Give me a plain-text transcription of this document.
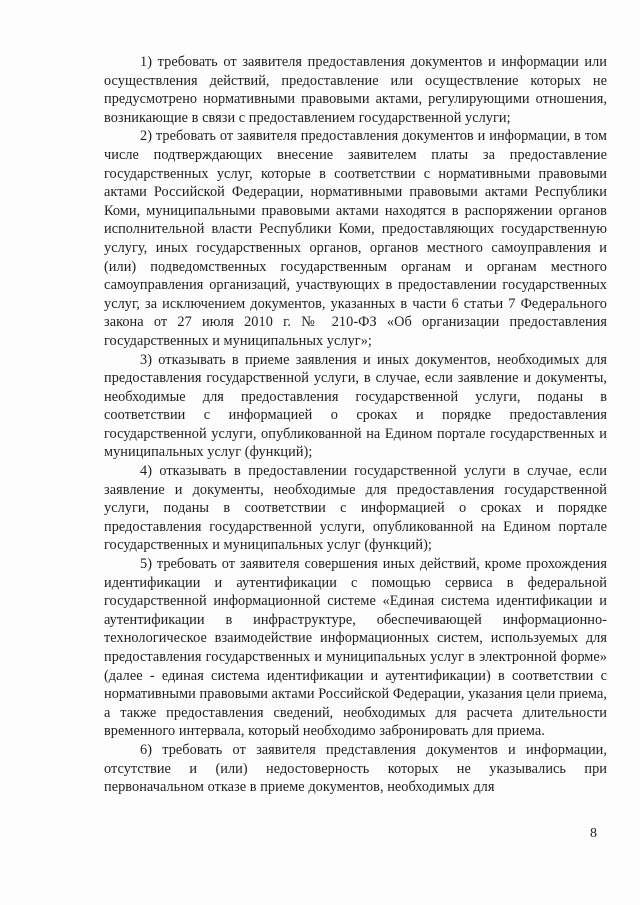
1) требовать от заявителя предоставления документов и информации или осуществления действий, предоставление или осуществление которых не предусмотрено нормативными правовыми актами, регулирующими отношения, возникающие в связи с предоставлением государственной услуги;

2) требовать от заявителя предоставления документов и информации, в том числе подтверждающих внесение заявителем платы за предоставление государственных услуг, которые в соответствии с нормативными правовыми актами Российской Федерации, нормативными правовыми актами Республики Коми, муниципальными правовыми актами находятся в распоряжении органов исполнительной власти Республики Коми, предоставляющих государственную услугу, иных государственных органов, органов местного самоуправления и (или) подведомственных государственным органам и органам местного самоуправления организаций, участвующих в предоставлении государственных услуг, за исключением документов, указанных в части 6 статьи 7 Федерального закона от 27 июля 2010 г. № 210-ФЗ «Об организации предоставления государственных и муниципальных услуг»;

3) отказывать в приеме заявления и иных документов, необходимых для предоставления государственной услуги, в случае, если заявление и документы, необходимые для предоставления государственной услуги, поданы в соответствии с информацией о сроках и порядке предоставления государственной услуги, опубликованной на Едином портале государственных и муниципальных услуг (функций);

4) отказывать в предоставлении государственной услуги в случае, если заявление и документы, необходимые для предоставления государственной услуги, поданы в соответствии с информацией о сроках и порядке предоставления государственной услуги, опубликованной на Едином портале государственных и муниципальных услуг (функций);

5) требовать от заявителя совершения иных действий, кроме прохождения идентификации и аутентификации с помощью сервиса в федеральной государственной информационной системе «Единая система идентификации и аутентификации в инфраструктуре, обеспечивающей информационно-технологическое взаимодействие информационных систем, используемых для предоставления государственных и муниципальных услуг в электронной форме» (далее - единая система идентификации и аутентификации) в соответствии с нормативными правовыми актами Российской Федерации, указания цели приема, а также предоставления сведений, необходимых для расчета длительности временного интервала, который необходимо забронировать для приема.

6) требовать от заявителя представления документов и информации, отсутствие и (или) недостоверность которых не указывались при первоначальном отказе в приеме документов, необходимых для

8
